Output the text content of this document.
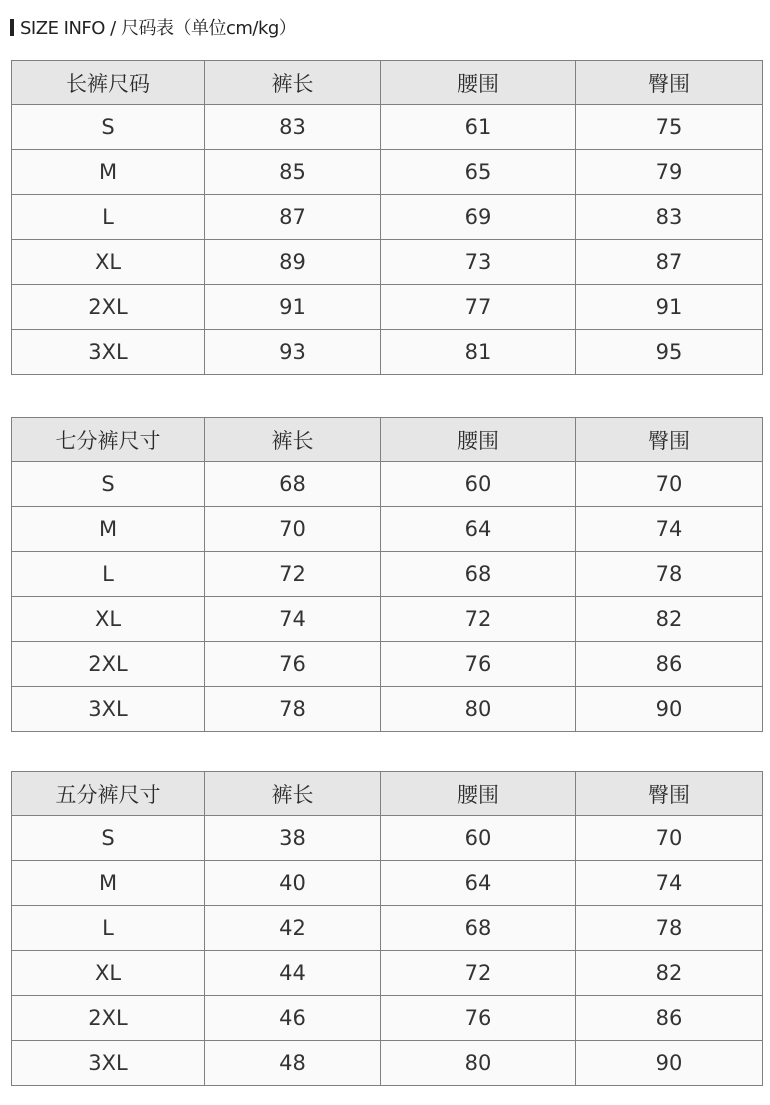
SIZE INFO / 尺码表（单位cm/kg）
长裤尺码	裤长	腰围	臀围
S	83	61	75
M	85	65	79
L	87	69	83
XL	89	73	87
2XL	91	77	91
3XL	93	81	95
七分裤尺寸	裤长	腰围	臀围
S	68	60	70
M	70	64	74
L	72	68	78
XL	74	72	82
2XL	76	76	86
3XL	78	80	90
五分裤尺寸	裤长	腰围	臀围
S	38	60	70
M	40	64	74
L	42	68	78
XL	44	72	82
2XL	46	76	86
3XL	48	80	90
